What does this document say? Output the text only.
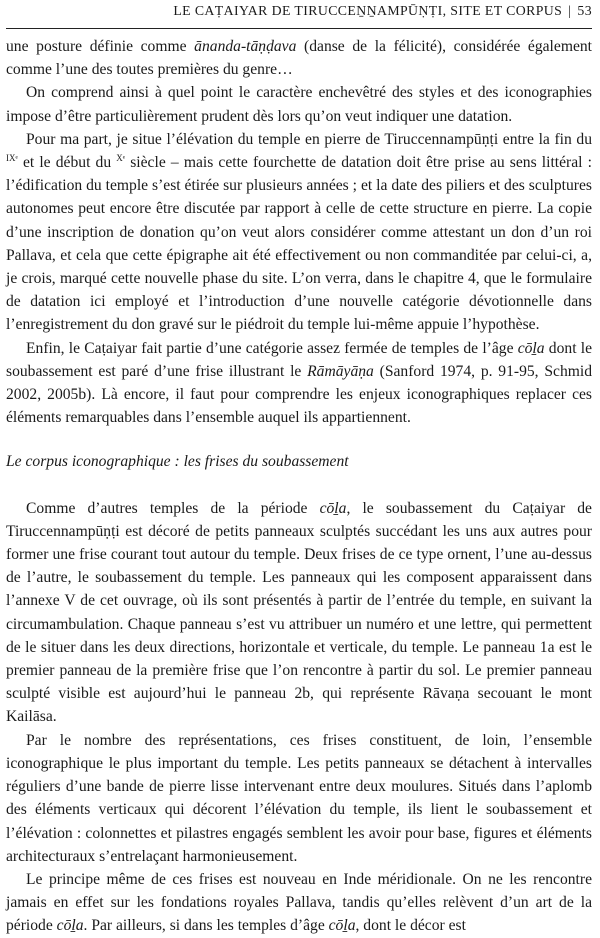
LE CAṬAIYAR DE TIRUCCEṈṈAMPŪṆṬI, SITE ET CORPUS | 53

une posture définie comme ānanda-tāṇḍava (danse de la félicité), considérée également comme l’une des toutes premières du genre…

On comprend ainsi à quel point le caractère enchevêtré des styles et des iconographies impose d’être particulièrement prudent dès lors qu’on veut indiquer une datation.

Pour ma part, je situe l’élévation du temple en pierre de Tiruccennampūṇṭi entre la fin du $^{IXᵉ}$ et le début du $^{Xᵉ}$ siècle – mais cette fourchette de datation doit être prise au sens littéral : l’édification du temple s’est étirée sur plusieurs années ; et la date des piliers et des sculptures autonomes peut encore être discutée par rapport à celle de cette structure en pierre. La copie d’une inscription de donation qu’on veut alors considérer comme attestant un don d’un roi Pallava, et cela que cette épigraphe ait été effectivement ou non commanditée par celui-ci, a, je crois, marqué cette nouvelle phase du site. L’on verra, dans le chapitre 4, que le formulaire de datation ici employé et l’introduction d’une nouvelle catégorie dévotionnelle dans l’enregistrement du don gravé sur le piédroit du temple lui-même appuie l’hypothèse.

Enfin, le Caṭaiyar fait partie d’une catégorie assez fermée de temples de l’âge cōḻa dont le soubassement est paré d’une frise illustrant le Rāmāyāṇa (Sanford 1974, p. 91-95, Schmid 2002, 2005b). Là encore, il faut pour comprendre les enjeux iconographiques replacer ces éléments remarquables dans l’ensemble auquel ils appartiennent.

Le corpus iconographique : les frises du soubassement

Comme d’autres temples de la période cōḻa, le soubassement du Caṭaiyar de Tiruccennampūṇṭi est décoré de petits panneaux sculptés succédant les uns aux autres pour former une frise courant tout autour du temple. Deux frises de ce type ornent, l’une au-dessus de l’autre, le soubassement du temple. Les panneaux qui les composent apparaissent dans l’annexe V de cet ouvrage, où ils sont présentés à partir de l’entrée du temple, en suivant la circumambulation. Chaque panneau s’est vu attribuer un numéro et une lettre, qui permettent de le situer dans les deux directions, horizontale et verticale, du temple. Le panneau 1a est le premier panneau de la première frise que l’on rencontre à partir du sol. Le premier panneau sculpté visible est aujourd’hui le panneau 2b, qui représente Rāvaṇa secouant le mont Kailāsa.

Par le nombre des représentations, ces frises constituent, de loin, l’ensemble iconographique le plus important du temple. Les petits panneaux se détachent à intervalles réguliers d’une bande de pierre lisse intervenant entre deux moulures. Situés dans l’aplomb des éléments verticaux qui décorent l’élévation du temple, ils lient le soubassement et l’élévation : colonnettes et pilastres engagés semblent les avoir pour base, figures et éléments architecturaux s’entrelaçant harmonieusement.

Le principe même de ces frises est nouveau en Inde méridionale. On ne les rencontre jamais en effet sur les fondations royales Pallava, tandis qu’elles relèvent d’un art de la période cōḻa. Par ailleurs, si dans les temples d’âge cōḻa, dont le décor est
